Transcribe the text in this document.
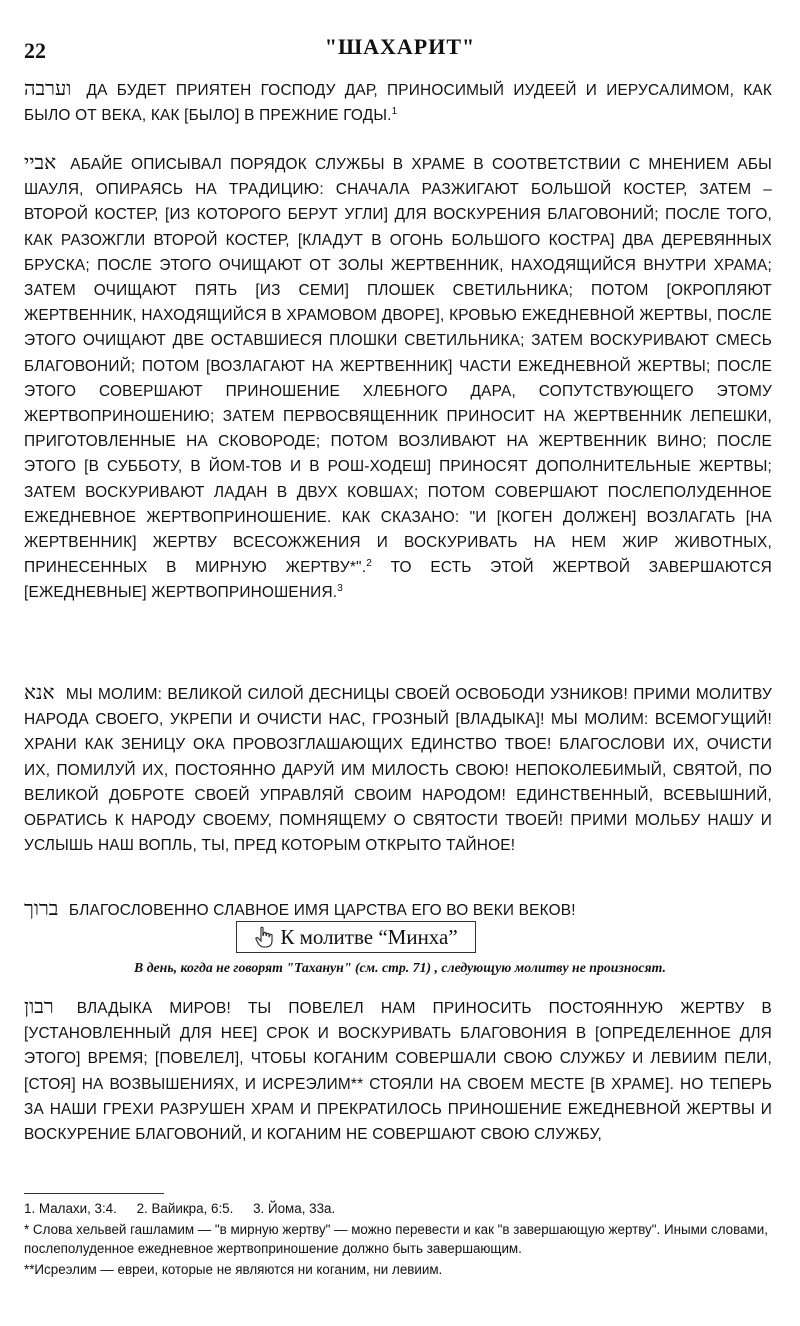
22	"ШАХАРИТ"
וערבה ДА БУДЕТ ПРИЯТЕН ГОСПОДУ ДАР, ПРИНОСИМЫЙ ИУДЕЕЙ И ИЕРУСАЛИМОМ, КАК БЫЛО ОТ ВЕКА, КАК [БЫЛО] В ПРЕЖНИЕ ГОДЫ.$^1$
אביי АБАЙЕ ОПИСЫВАЛ ПОРЯДОК СЛУЖБЫ В ХРАМЕ В СООТВЕТСТВИИ С МНЕНИЕМ АБЫ ШАУЛЯ, ОПИРАЯСЬ НА ТРАДИЦИЮ: СНАЧАЛА РАЗЖИГАЮТ БОЛЬШОЙ КОСТЕР, ЗАТЕМ – ВТОРОЙ КОСТЕР, [ИЗ КОТОРОГО БЕРУТ УГЛИ] ДЛЯ ВОСКУРЕНИЯ БЛАГОВОНИЙ; ПОСЛЕ ТОГО, КАК РАЗОЖГЛИ ВТОРОЙ КОСТЕР, [КЛАДУТ В ОГОНЬ БОЛЬШОГО КОСТРА] ДВА ДЕРЕВЯННЫХ БРУСКА; ПОСЛЕ ЭТОГО ОЧИЩАЮТ ОТ ЗОЛЫ ЖЕРТВЕННИК, НАХОДЯЩИЙСЯ ВНУТРИ ХРАМА; ЗАТЕМ ОЧИЩАЮТ ПЯТЬ [ИЗ СЕМИ] ПЛОШЕК СВЕТИЛЬНИКА; ПОТОМ [ОКРОПЛЯЮТ ЖЕРТВЕННИК, НАХОДЯЩИЙСЯ В ХРАМОВОМ ДВОРЕ], КРОВЬЮ ЕЖЕДНЕВНОЙ ЖЕРТВЫ, ПОСЛЕ ЭТОГО ОЧИЩАЮТ ДВЕ ОСТАВШИЕСЯ ПЛОШКИ СВЕТИЛЬНИКА; ЗАТЕМ ВОСКУРИВАЮТ СМЕСЬ БЛАГОВОНИЙ; ПОТОМ [ВОЗЛАГАЮТ НА ЖЕРТВЕННИК] ЧАСТИ ЕЖЕДНЕВНОЙ ЖЕРТВЫ; ПОСЛЕ ЭТОГО СОВЕРШАЮТ ПРИНОШЕНИЕ ХЛЕБНОГО ДАРА, СОПУТСТВУЮЩЕГО ЭТОМУ ЖЕРТВОПРИНОШЕНИЮ; ЗАТЕМ ПЕРВОСВЯЩЕННИК ПРИНОСИТ НА ЖЕРТВЕННИК ЛЕПЕШКИ, ПРИГОТОВЛЕННЫЕ НА СКОВОРОДЕ; ПОТОМ ВОЗЛИВАЮТ НА ЖЕРТВЕННИК ВИНО; ПОСЛЕ ЭТОГО [В СУББОТУ, В ЙОМ-ТОВ И В РОШ-ХОДЕШ] ПРИНОСЯТ ДОПОЛНИТЕЛЬНЫЕ ЖЕРТВЫ; ЗАТЕМ ВОСКУРИВАЮТ ЛАДАН В ДВУХ КОВШАХ; ПОТОМ СОВЕРШАЮТ ПОСЛЕПОЛУДЕННОЕ ЕЖЕДНЕВНОЕ ЖЕРТВОПРИНОШЕНИЕ. КАК СКАЗАНО: "И [КОГЕН ДОЛЖЕН] ВОЗЛАГАТЬ [НА ЖЕРТВЕННИК] ЖЕРТВУ ВСЕСОЖЖЕНИЯ И ВОСКУРИВАТЬ НА НЕМ ЖИР ЖИВОТНЫХ, ПРИНЕСЕННЫХ В МИРНУЮ ЖЕРТВУ*".$^2$ ТО ЕСТЬ ЭТОЙ ЖЕРТВОЙ ЗАВЕРШАЮТСЯ [ЕЖЕДНЕВНЫЕ] ЖЕРТВОПРИНОШЕНИЯ.$^3$
אנא МЫ МОЛИМ: ВЕЛИКОЙ СИЛОЙ ДЕСНИЦЫ СВОЕЙ ОСВОБОДИ УЗНИКОВ! ПРИМИ МОЛИТВУ НАРОДА СВОЕГО, УКРЕПИ И ОЧИСТИ НАС, ГРОЗНЫЙ [ВЛАДЫКА]! МЫ МОЛИМ: ВСЕМОГУЩИЙ! ХРАНИ КАК ЗЕНИЦУ ОКА ПРОВОЗГЛАШАЮЩИХ ЕДИНСТВО ТВОЕ! БЛАГОСЛОВИ ИХ, ОЧИСТИ ИХ, ПОМИЛУЙ ИХ, ПОСТОЯННО ДАРУЙ ИМ МИЛОСТЬ СВОЮ! НЕПОКОЛЕБИМЫЙ, СВЯТОЙ, ПО ВЕЛИКОЙ ДОБРОТЕ СВОЕЙ УПРАВЛЯЙ СВОИМ НАРОДОМ! ЕДИНСТВЕННЫЙ, ВСЕВЫШНИЙ, ОБРАТИСЬ К НАРОДУ СВОЕМУ, ПОМНЯЩЕМУ О СВЯТОСТИ ТВОЕЙ! ПРИМИ МОЛЬБУ НАШУ И УСЛЫШЬ НАШ ВОПЛЬ, ТЫ, ПРЕД КОТОРЫМ ОТКРЫТО ТАЙНОЕ!
ברוך БЛАГОСЛОВЕННО СЛАВНОЕ ИМЯ ЦАРСТВА ЕГО ВО ВЕКИ ВЕКОВ!
К молитве “Минха”
В день, когда не говорят "Таханун" (см. стр. 71) , следующую молитву не произносят.
רבון ВЛАДЫКА МИРОВ! ТЫ ПОВЕЛЕЛ НАМ ПРИНОСИТЬ ПОСТОЯННУЮ ЖЕРТВУ В [УСТАНОВЛЕННЫЙ ДЛЯ НЕЕ] СРОК И ВОСКУРИВАТЬ БЛАГОВОНИЯ В [ОПРЕДЕЛЕННОЕ ДЛЯ ЭТОГО] ВРЕМЯ; [ПОВЕЛЕЛ], ЧТОБЫ КОГАНИМ СОВЕРШАЛИ СВОЮ СЛУЖБУ И ЛЕВИИМ ПЕЛИ, [СТОЯ] НА ВОЗВЫШЕНИЯХ, И ИСРЕЭЛИМ** СТОЯЛИ НА СВОЕМ МЕСТЕ [В ХРАМЕ]. НО ТЕПЕРЬ ЗА НАШИ ГРЕХИ РАЗРУШЕН ХРАМ И ПРЕКРАТИЛОСЬ ПРИНОШЕНИЕ ЕЖЕДНЕВНОЙ ЖЕРТВЫ И ВОСКУРЕНИЕ БЛАГОВОНИЙ, И КОГАНИМ НЕ СОВЕРШАЮТ СВОЮ СЛУЖБУ,

1. Малахи, 3:4. 2. Вайикра, 6:5. 3. Йома, 33а.

* Слова хельвей гашламим — "в мирную жертву" — можно перевести и как "в завершающую жертву". Иными словами, послеполуденное ежедневное жертвоприношение должно быть завершающим.

**Исреэлим — евреи, которые не являются ни коганим, ни левиим.
